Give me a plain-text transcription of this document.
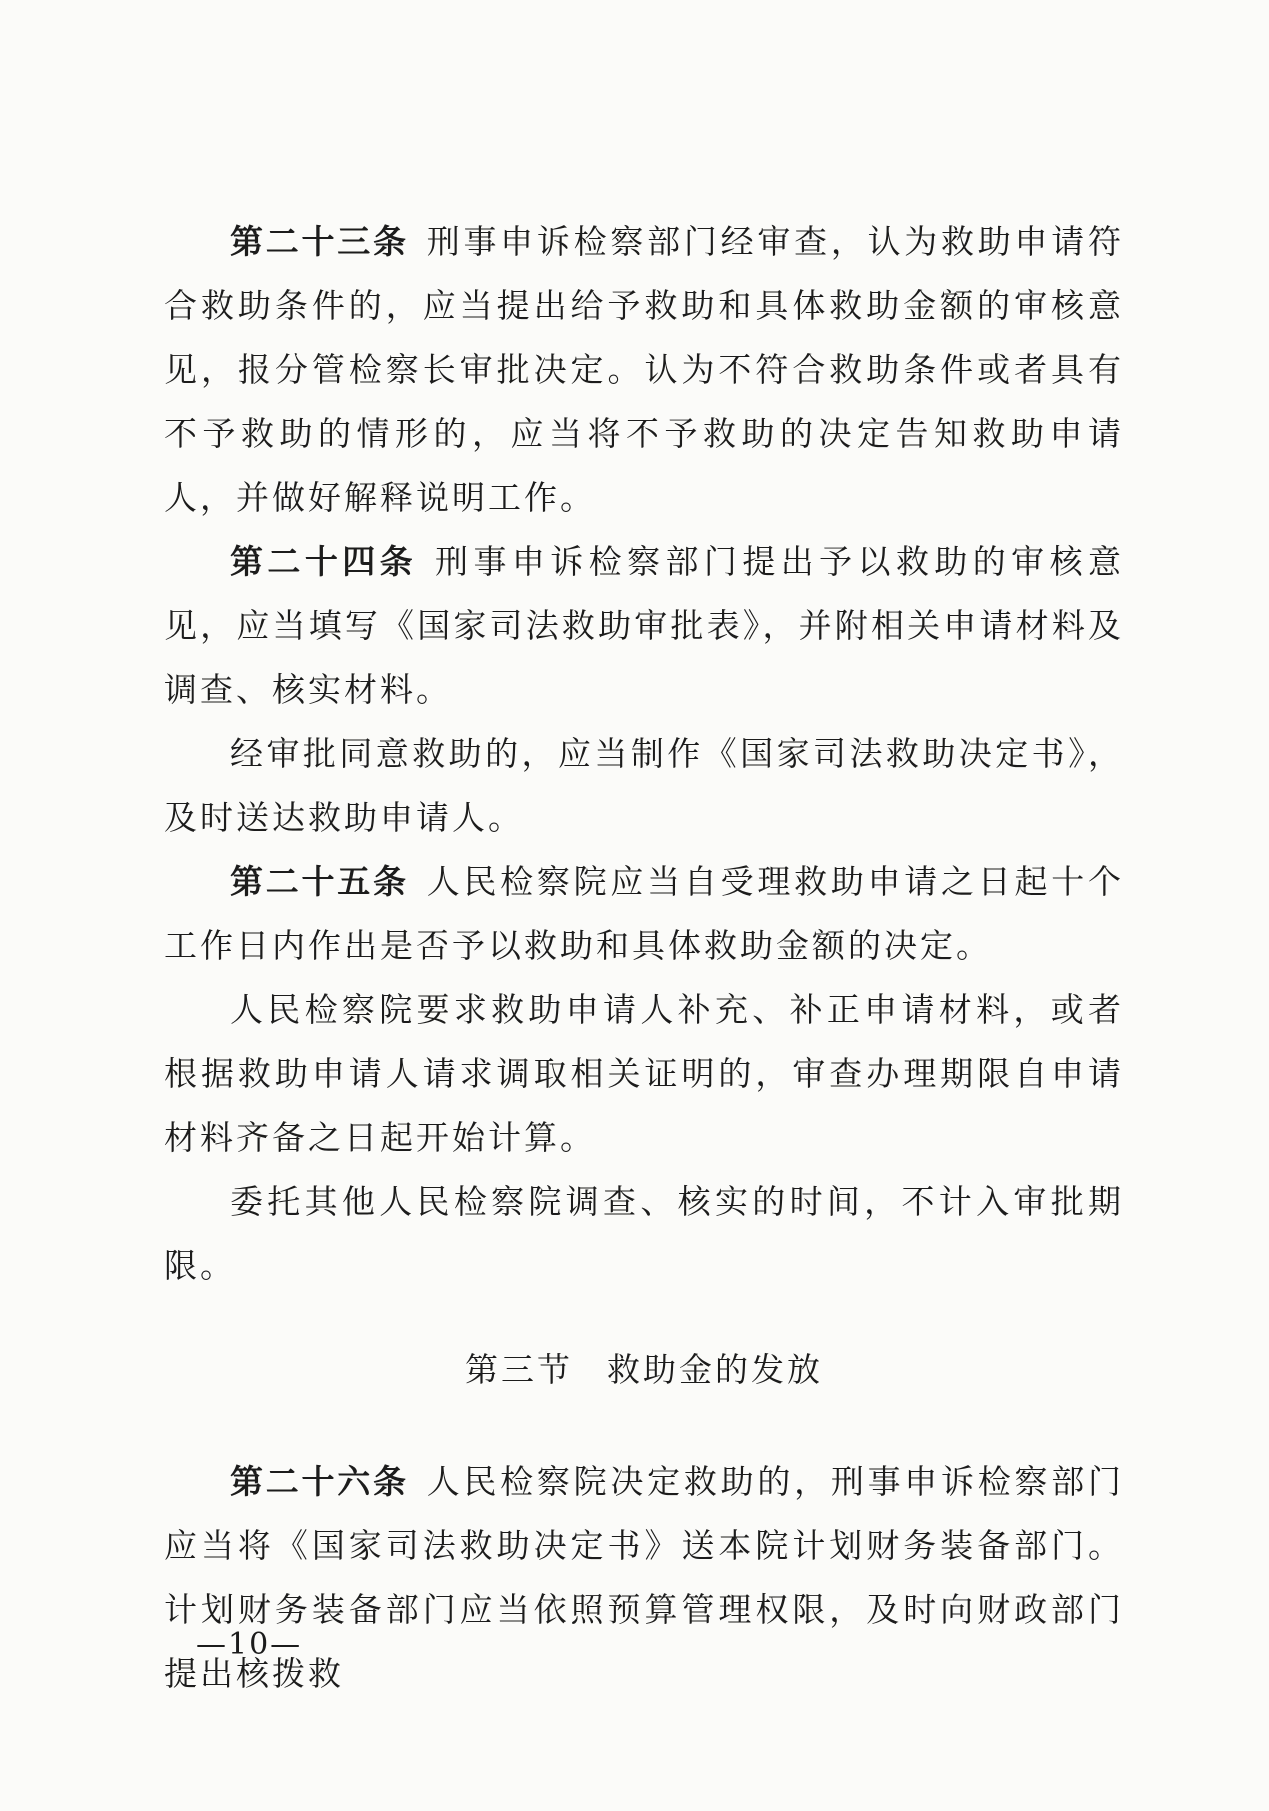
第二十三条 刑事申诉检察部门经审查，认为救助申请符合救助条件的，应当提出给予救助和具体救助金额的审核意见，报分管检察长审批决定。认为不符合救助条件或者具有不予救助的情形的，应当将不予救助的决定告知救助申请人，并做好解释说明工作。

第二十四条 刑事申诉检察部门提出予以救助的审核意见，应当填写《国家司法救助审批表》，并附相关申请材料及调查、核实材料。

经审批同意救助的，应当制作《国家司法救助决定书》，及时送达救助申请人。

第二十五条 人民检察院应当自受理救助申请之日起十个工作日内作出是否予以救助和具体救助金额的决定。

人民检察院要求救助申请人补充、补正申请材料，或者根据救助申请人请求调取相关证明的，审查办理期限自申请材料齐备之日起开始计算。

委托其他人民检察院调查、核实的时间，不计入审批期限。

第三节 救助金的发放

第二十六条 人民检察院决定救助的，刑事申诉检察部门应当将《国家司法救助决定书》送本院计划财务装备部门。计划财务装备部门应当依照预算管理权限，及时向财政部门提出核拨救

—10—
